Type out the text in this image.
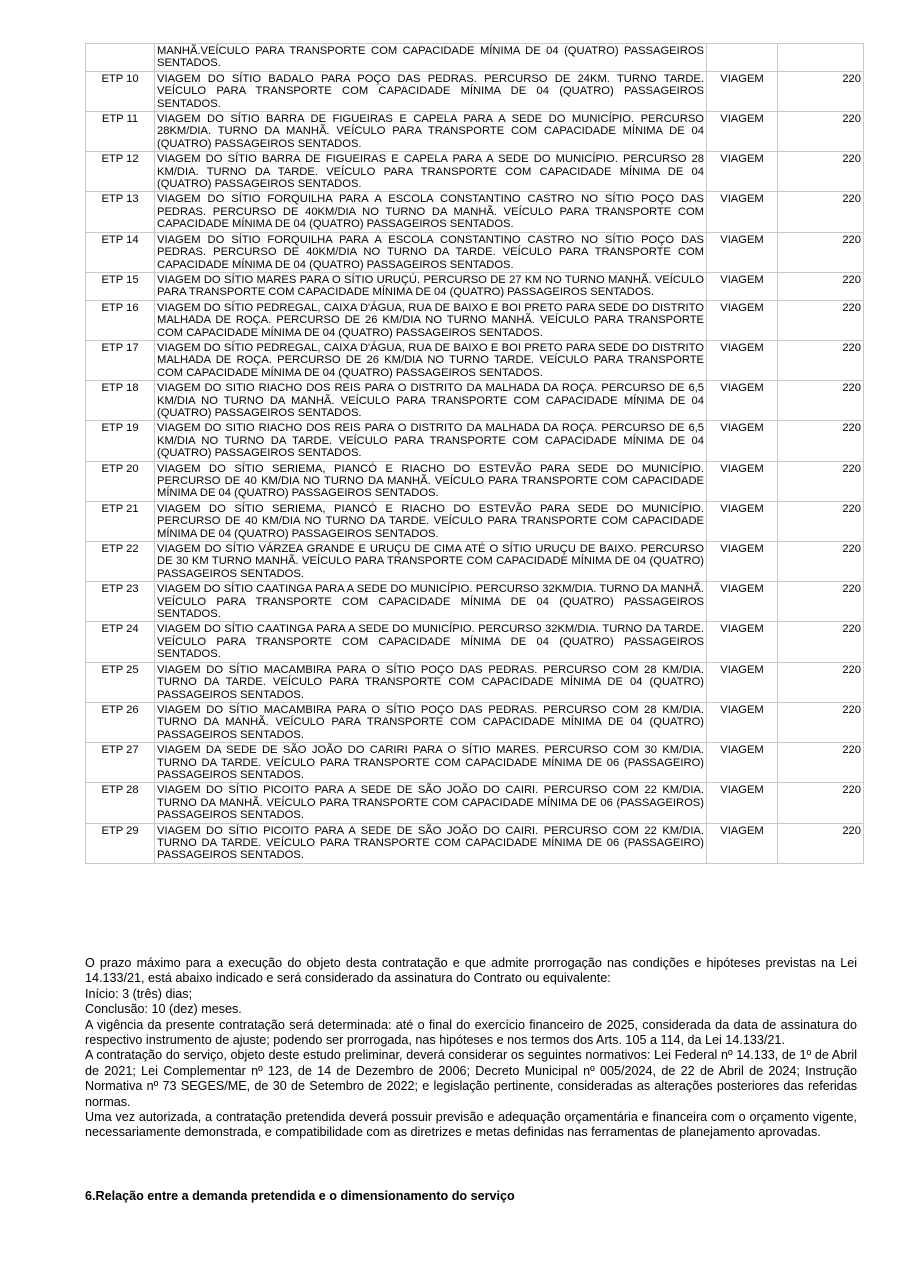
	MANHÃ.VEÍCULO PARA TRANSPORTE COM CAPACIDADE MÍNIMA DE 04 (QUATRO) PASSAGEIROS SENTADOS.		
ETP 10	VIAGEM DO SÍTIO BADALO PARA POÇO DAS PEDRAS. PERCURSO DE 24KM. TURNO TARDE. VEÍCULO PARA TRANSPORTE COM CAPACIDADE MÍNIMA DE 04 (QUATRO) PASSAGEIROS SENTADOS.	VIAGEM	220
ETP 11	VIAGEM DO SÍTIO BARRA DE FIGUEIRAS E CAPELA PARA A SEDE DO MUNICÍPIO. PERCURSO 28KM/DIA. TURNO DA MANHÃ. VEÍCULO PARA TRANSPORTE COM CAPACIDADE MÍNIMA DE 04 (QUATRO) PASSAGEIROS SENTADOS.	VIAGEM	220
ETP 12	VIAGEM DO SÍTIO BARRA DE FIGUEIRAS E CAPELA PARA A SEDE DO MUNICÍPIO. PERCURSO 28 KM/DIA. TURNO DA TARDE. VEÍCULO PARA TRANSPORTE COM CAPACIDADE MÍNIMA DE 04 (QUATRO) PASSAGEIROS SENTADOS.	VIAGEM	220
ETP 13	VIAGEM DO SÍTIO FORQUILHA PARA A ESCOLA CONSTANTINO CASTRO NO SÍTIO POÇO DAS PEDRAS. PERCURSO DE 40KM/DIA NO TURNO DA MANHÃ. VEÍCULO PARA TRANSPORTE COM CAPACIDADE MÍNIMA DE 04 (QUATRO) PASSAGEIROS SENTADOS.	VIAGEM	220
ETP 14	VIAGEM DO SÍTIO FORQUILHA PARA A ESCOLA CONSTANTINO CASTRO NO SÍTIO POÇO DAS PEDRAS. PERCURSO DE 40KM/DIA NO TURNO DA TARDE. VEÍCULO PARA TRANSPORTE COM CAPACIDADE MÍNIMA DE 04 (QUATRO) PASSAGEIROS SENTADOS.	VIAGEM	220
ETP 15	VIAGEM DO SÍTIO MARES PARA O SÍTIO URUÇÚ. PERCURSO DE 27 KM NO TURNO MANHÃ. VEÍCULO PARA TRANSPORTE COM CAPACIDADE MÍNIMA DE 04 (QUATRO) PASSAGEIROS SENTADOS.	VIAGEM	220
ETP 16	VIAGEM DO SÍTIO PEDREGAL, CAIXA D'ÁGUA, RUA DE BAIXO E BOI PRETO PARA SEDE DO DISTRITO MALHADA DE ROÇA. PERCURSO DE 26 KM/DIA NO TURNO MANHÃ. VEÍCULO PARA TRANSPORTE COM CAPACIDADE MÍNIMA DE 04 (QUATRO) PASSAGEIROS SENTADOS.	VIAGEM	220
ETP 17	VIAGEM DO SÍTIO PEDREGAL, CAIXA D'ÁGUA, RUA DE BAIXO E BOI PRETO PARA SEDE DO DISTRITO MALHADA DE ROÇA. PERCURSO DE 26 KM/DIA NO TURNO TARDE. VEÍCULO PARA TRANSPORTE COM CAPACIDADE MÍNIMA DE 04 (QUATRO) PASSAGEIROS SENTADOS.	VIAGEM	220
ETP 18	VIAGEM DO SITIO RIACHO DOS REIS PARA O DISTRITO DA MALHADA DA ROÇA. PERCURSO DE 6,5 KM/DIA NO TURNO DA MANHÃ. VEÍCULO PARA TRANSPORTE COM CAPACIDADE MÍNIMA DE 04 (QUATRO) PASSAGEIROS SENTADOS.	VIAGEM	220
ETP 19	VIAGEM DO SITIO RIACHO DOS REIS PARA O DISTRITO DA MALHADA DA ROÇA. PERCURSO DE 6,5 KM/DIA NO TURNO DA TARDE. VEÍCULO PARA TRANSPORTE COM CAPACIDADE MÍNIMA DE 04 (QUATRO) PASSAGEIROS SENTADOS.	VIAGEM	220
ETP 20	VIAGEM DO SÍTIO SERIEMA, PIANCÓ E RIACHO DO ESTEVÃO PARA SEDE DO MUNICÍPIO. PERCURSO DE 40 KM/DIA NO TURNO DA MANHÃ. VEÍCULO PARA TRANSPORTE COM CAPACIDADE MÍNIMA DE 04 (QUATRO) PASSAGEIROS SENTADOS.	VIAGEM	220
ETP 21	VIAGEM DO SÍTIO SERIEMA, PIANCÓ E RIACHO DO ESTEVÃO PARA SEDE DO MUNICÍPIO. PERCURSO DE 40 KM/DIA NO TURNO DA TARDE. VEÍCULO PARA TRANSPORTE COM CAPACIDADE MÍNIMA DE 04 (QUATRO) PASSAGEIROS SENTADOS.	VIAGEM	220
ETP 22	VIAGEM DO SÍTIO VÁRZEA GRANDE E URUÇU DE CIMA ATÉ O SÍTIO URUÇU DE BAIXO. PERCURSO DE 30 KM TURNO MANHÃ. VEÍCULO PARA TRANSPORTE COM CAPACIDADE MÍNIMA DE 04 (QUATRO) PASSAGEIROS SENTADOS.	VIAGEM	220
ETP 23	VIAGEM DO SÍTIO CAATINGA PARA A SEDE DO MUNICÍPIO. PERCURSO 32KM/DIA. TURNO DA MANHÃ. VEÍCULO PARA TRANSPORTE COM CAPACIDADE MÍNIMA DE 04 (QUATRO) PASSAGEIROS SENTADOS.	VIAGEM	220
ETP 24	VIAGEM DO SÍTIO CAATINGA PARA A SEDE DO MUNICÍPIO. PERCURSO 32KM/DIA. TURNO DA TARDE. VEÍCULO PARA TRANSPORTE COM CAPACIDADE MÍNIMA DE 04 (QUATRO) PASSAGEIROS SENTADOS.	VIAGEM	220
ETP 25	VIAGEM DO SÍTIO MACAMBIRA PARA O SÍTIO POÇO DAS PEDRAS. PERCURSO COM 28 KM/DIA. TURNO DA TARDE. VEÍCULO PARA TRANSPORTE COM CAPACIDADE MÍNIMA DE 04 (QUATRO) PASSAGEIROS SENTADOS.	VIAGEM	220
ETP 26	VIAGEM DO SÍTIO MACAMBIRA PARA O SÍTIO POÇO DAS PEDRAS. PERCURSO COM 28 KM/DIA. TURNO DA MANHÃ. VEÍCULO PARA TRANSPORTE COM CAPACIDADE MÍNIMA DE 04 (QUATRO) PASSAGEIROS SENTADOS.	VIAGEM	220
ETP 27	VIAGEM DA SEDE DE SÃO JOÃO DO CARIRI PARA O SÍTIO MARES. PERCURSO COM 30 KM/DIA. TURNO DA TARDE. VEÍCULO PARA TRANSPORTE COM CAPACIDADE MÍNIMA DE 06 (PASSAGEIRO) PASSAGEIROS SENTADOS.	VIAGEM	220
ETP 28	VIAGEM DO SÍTIO PICOITO PARA A SEDE DE SÃO JOÃO DO CAIRI. PERCURSO COM 22 KM/DIA. TURNO DA MANHÃ. VEÍCULO PARA TRANSPORTE COM CAPACIDADE MÍNIMA DE 06 (PASSAGEIROS) PASSAGEIROS SENTADOS.	VIAGEM	220
ETP 29	VIAGEM DO SÍTIO PICOITO PARA A SEDE DE SÃO JOÃO DO CAIRI. PERCURSO COM 22 KM/DIA. TURNO DA TARDE. VEÍCULO PARA TRANSPORTE COM CAPACIDADE MÍNIMA DE 06 (PASSAGEIRO) PASSAGEIROS SENTADOS.	VIAGEM	220

O prazo máximo para a execução do objeto desta contratação e que admite prorrogação nas condições e hipóteses previstas na Lei 14.133/21, está abaixo indicado e será considerado da assinatura do Contrato ou equivalente:

Início: 3 (três) dias;

Conclusão: 10 (dez) meses.

A vigência da presente contratação será determinada: até o final do exercício financeiro de 2025, considerada da data de assinatura do respectivo instrumento de ajuste; podendo ser prorrogada, nas hipóteses e nos termos dos Arts. 105 a 114, da Lei 14.133/21.

A contratação do serviço, objeto deste estudo preliminar, deverá considerar os seguintes normativos: Lei Federal nº 14.133, de 1º de Abril de 2021; Lei Complementar nº 123, de 14 de Dezembro de 2006; Decreto Municipal nº 005/2024, de 22 de Abril de 2024; Instrução Normativa nº 73 SEGES/ME, de 30 de Setembro de 2022; e legislação pertinente, consideradas as alterações posteriores das referidas normas.

Uma vez autorizada, a contratação pretendida deverá possuir previsão e adequação orçamentária e financeira com o orçamento vigente, necessariamente demonstrada, e compatibilidade com as diretrizes e metas definidas nas ferramentas de planejamento aprovadas.

6.Relação entre a demanda pretendida e o dimensionamento do serviço
